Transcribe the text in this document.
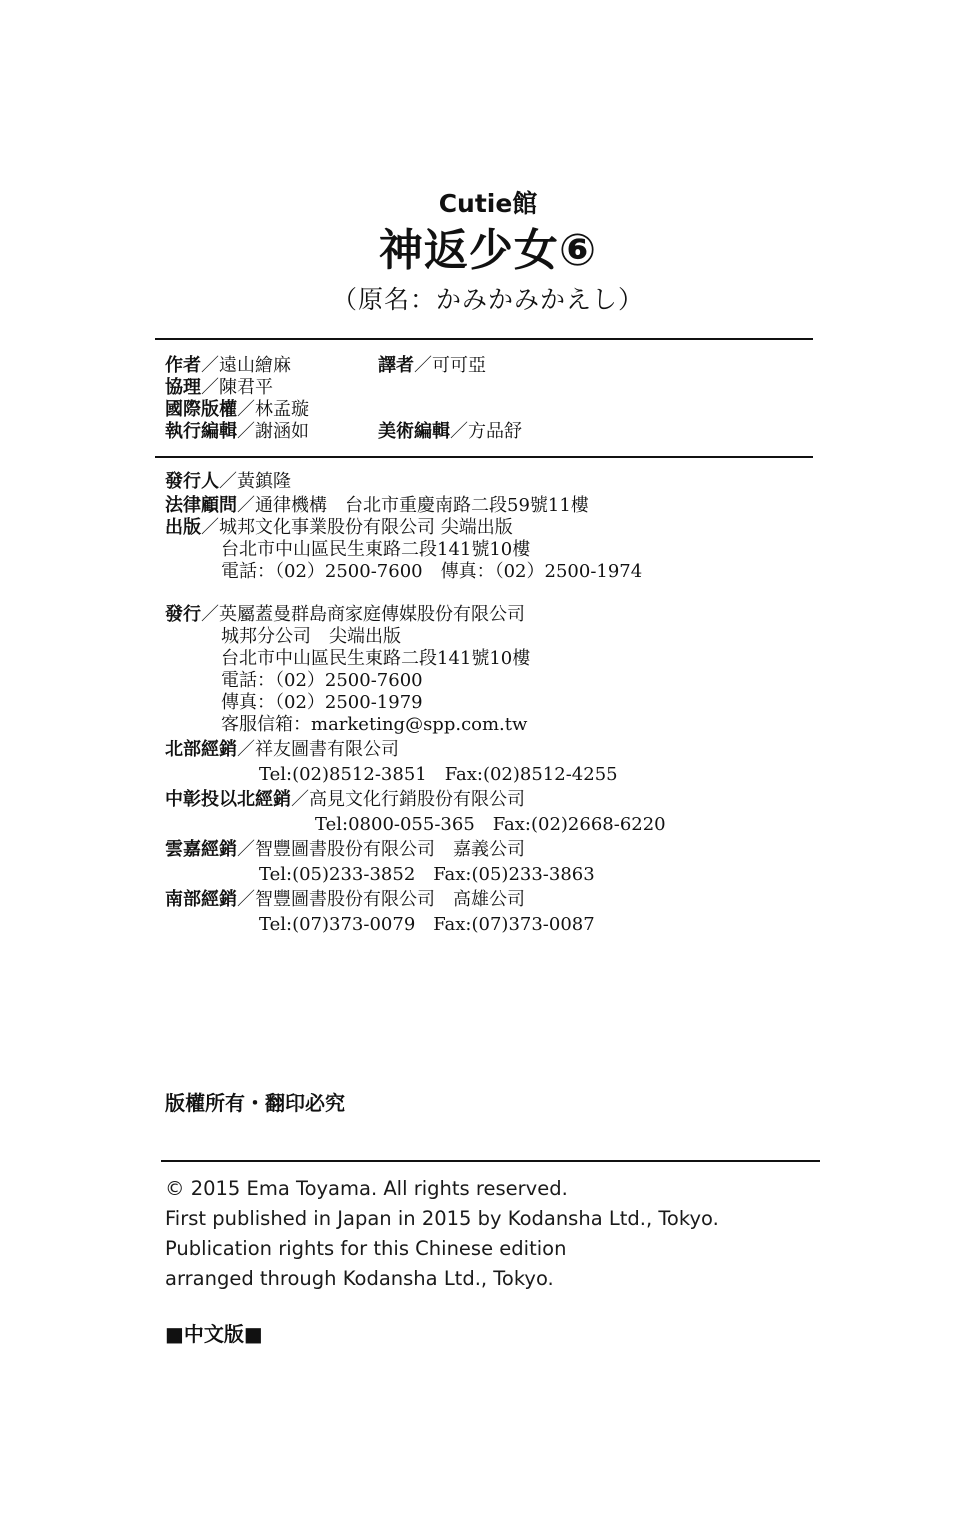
Cutie館
神返少女⑥
（原名：かみかみかえし）
作者／遠山繪麻	譯者／可可亞
協理／陳君平
國際版權／林孟璇
執行編輯／謝涵如	美術編輯／方品舒
發行人／黃鎮隆
法律顧問／通律機構　台北市重慶南路二段59號11樓
出版／城邦文化事業股份有限公司 尖端出版
台北市中山區民生東路二段141號10樓
電話：（02）2500-7600　傳真：（02）2500-1974
發行／英屬蓋曼群島商家庭傳媒股份有限公司
城邦分公司　尖端出版
台北市中山區民生東路二段141號10樓
電話：（02）2500-7600
傳真：（02）2500-1979
客服信箱：marketing@spp.com.tw
北部經銷／祥友圖書有限公司
Tel:(02)8512-3851　Fax:(02)8512-4255
中彰投以北經銷／高見文化行銷股份有限公司
Tel:0800-055-365　Fax:(02)2668-6220
雲嘉經銷／智豐圖書股份有限公司　嘉義公司
Tel:(05)233-3852　Fax:(05)233-3863
南部經銷／智豐圖書股份有限公司　高雄公司
Tel:(07)373-0079　Fax:(07)373-0087
版權所有・翻印必究
© 2015 Ema Toyama. All rights reserved.
First published in Japan in 2015 by Kodansha Ltd., Tokyo.
Publication rights for this Chinese edition
arranged through Kodansha Ltd., Tokyo.
■中文版■
